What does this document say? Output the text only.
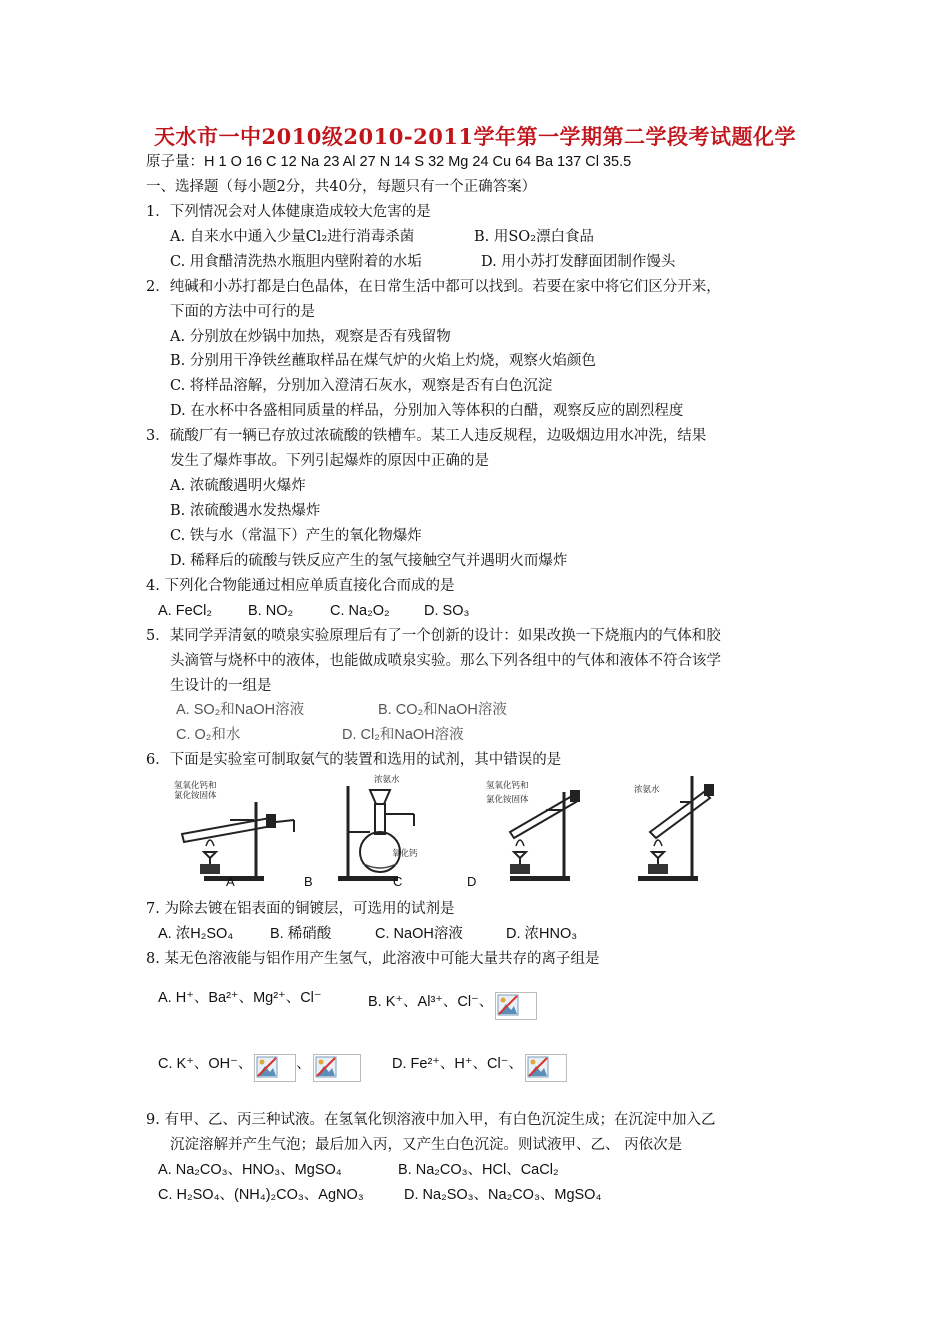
天水市一中2010级2010-2011学年第一学期第二学段考试题化学
原子量：H 1 O 16 C 12 Na 23 Al 27 N 14 S 32 Mg 24 Cu 64 Ba 137 Cl 35.5
一、选择题（每小题2分，共40分，每题只有一个正确答案）
1．下列情况会对人体健康造成较大危害的是
A. 自来水中通入少量Cl₂进行消毒杀菌	B. 用SO₂漂白食品
C. 用食醋清洗热水瓶胆内壁附着的水垢	D. 用小苏打发酵面团制作馒头
2．纯碱和小苏打都是白色晶体，在日常生活中都可以找到。若要在家中将它们区分开来，
下面的方法中可行的是
A. 分别放在炒锅中加热，观察是否有残留物
B. 分别用干净铁丝蘸取样品在煤气炉的火焰上灼烧，观察火焰颜色
C. 将样品溶解，分别加入澄清石灰水，观察是否有白色沉淀
D. 在水杯中各盛相同质量的样品，分别加入等体积的白醋，观察反应的剧烈程度
3．硫酸厂有一辆已存放过浓硫酸的铁槽车。某工人违反规程，边吸烟边用水冲洗，结果
发生了爆炸事故。下列引起爆炸的原因中正确的是
A. 浓硫酸遇明火爆炸
B. 浓硫酸遇水发热爆炸
C. 铁与水（常温下）产生的氧化物爆炸
D. 稀释后的硫酸与铁反应产生的氢气接触空气并遇明火而爆炸
4. 下列化合物能通过相应单质直接化合而成的是
A. FeCl₂ B. NO₂	C. Na₂O₂ D. SO₃
5．某同学弄清氨的喷泉实验原理后有了一个创新的设计：如果改换一下烧瓶内的气体和胶
头滴管与烧杯中的液体，也能做成喷泉实验。那么下列各组中的气体和液体不符合该学
生设计的一组是
A. SO₂和NaOH溶液	B. CO₂和NaOH溶液
C. O₂和水	D. Cl₂和NaOH溶液
6．下面是实验室可制取氨气的装置和选用的试剂，其中错误的是
氢氧化钙和
氯化铵固体
A
浓氨水
氧化钙
B
氢氧化钙和
氯化铵固体
C
浓氨水
D
7. 为除去镀在铝表面的铜镀层，可选用的试剂是
A. 浓H₂SO₄	B. 稀硝酸	C. NaOH溶液	D. 浓HNO₃
8. 某无色溶液能与铝作用产生氢气，此溶液中可能大量共存的离子组是
A. H⁺、Ba²⁺、Mg²⁺、Cl⁻	B. K⁺、Al³⁺、Cl⁻、
C. K⁺、OH⁻、	、	D. Fe²⁺、H⁺、Cl⁻、
9. 有甲、乙、丙三种试液。在氢氧化钡溶液中加入甲，有白色沉淀生成；在沉淀中加入乙
沉淀溶解并产生气泡；最后加入丙，又产生白色沉淀。则试液甲、乙、 丙依次是
A. Na₂CO₃、HNO₃、MgSO₄	B. Na₂CO₃、HCl、CaCl₂
C. H₂SO₄、(NH₄)₂CO₃、AgNO₃	D. Na₂SO₃、Na₂CO₃、MgSO₄
